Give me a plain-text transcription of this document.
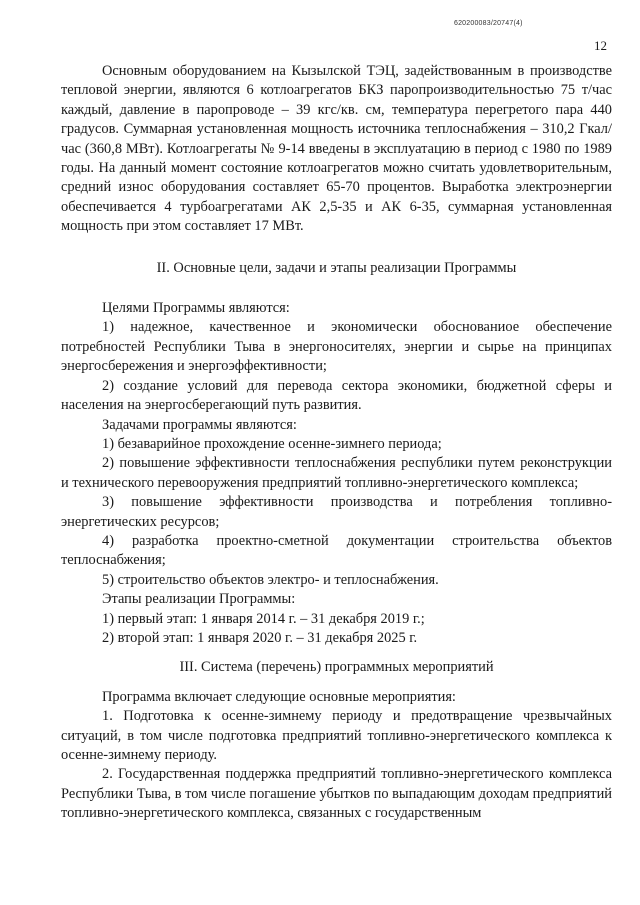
620200083/20747(4)
12

Основным оборудованием на Кызылской ТЭЦ, задействованным в производстве тепловой энергии, являются 6 котлоагрегатов БКЗ паропроизводительностью 75 т/час каждый, давление в паропроводе – 39 кгс/кв. см, температура перегретого пара 440 градусов. Суммарная установленная мощность источника теплоснабжения – 310,2 Гкал/час (360,8 МВт). Котлоагрегаты № 9-14 введены в эксплуатацию в период с 1980 по 1989 годы. На данный момент состояние котлоагрегатов можно считать удовлетворительным, средний износ оборудования составляет 65-70 процентов. Выработка электроэнергии обеспечивается 4 турбоагрегатами АК 2,5-35 и АК 6-35, суммарная установленная мощность при этом составляет 17 МВт.

II. Основные цели, задачи и этапы реализации Программы

Целями Программы являются:

1) надежное, качественное и экономически обоснованиое обеспечение потребностей Республики Тыва в энергоносителях, энергии и сырье на принципах энергосбережения и энергоэффективности;

2) создание условий для перевода сектора экономики, бюджетной сферы и населения на энергосберегающий путь развития.

Задачами программы являются:

1) безаварийное прохождение осенне-зимнего периода;

2) повышение эффективности теплоснабжения республики путем реконструкции и технического перевооружения предприятий топливно-энергетического комплекса;

3) повышение эффективности производства и потребления топливно-энергетических ресурсов;

4) разработка проектно-сметной документации строительства объектов теплоснабжения;

5) строительство объектов электро- и теплоснабжения.

Этапы реализации Программы:

1) первый этап: 1 января 2014 г. – 31 декабря 2019 г.;

2) второй этап: 1 января 2020 г. – 31 декабря 2025 г.

III. Система (перечень) программных мероприятий

Программа включает следующие основные мероприятия:

1. Подготовка к осенне-зимнему периоду и предотвращение чрезвычайных ситуаций, в том числе подготовка предприятий топливно-энергетического комплекса к осенне-зимнему периоду.

2. Государственная поддержка предприятий топливно-энергетического комплекса Республики Тыва, в том числе погашение убытков по выпадающим доходам предприятий топливно-энергетического комплекса, связанных с государственным
